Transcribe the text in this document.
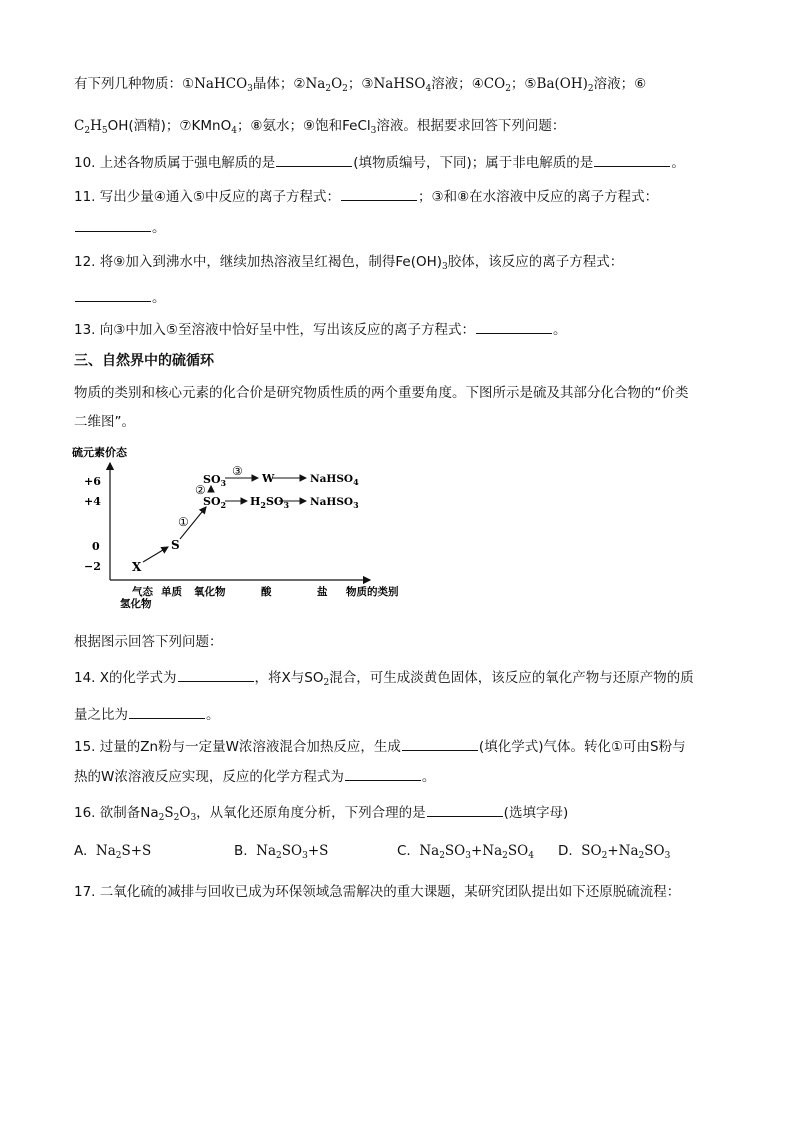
有下列几种物质：①NaHCO$_3$晶体；$②Na_2O_2$；③NaHSO$_4$溶液；$④CO_2$；$⑤Ba(OH)_2$溶液；⑥
$C_2H_5OH$(酒精)；⑦KMnO$_4$；⑧氨水；⑨饱和FeCl$_3$溶液。根据要求回答下列问题：
10. 上述各物质属于强电解质的是	(填物质编号，下同)；属于非电解质的是	。
11. 写出少量④通入⑤中反应的离子方程式：	；③和⑧在水溶液中反应的离子方程式：
。
12. 将⑨加入到沸水中，继续加热溶液呈红褐色，制得$Fe(OH)_3$胶体，该反应的离子方程式：
。
13. 向③中加入⑤至溶液中恰好呈中性，写出该反应的离子方程式：	。
三、自然界中的硫循环
物质的类别和核心元素的化合价是研究物质性质的两个重要角度。下图所示是硫及其部分化合物的“价类
二维图”。
硫元素价态
+6
+4
0
−2
气态
氢化物
单质 氧化物	酸	盐 物质的类别
X
S
$SO_3$
$SO_2$
W	NaHSO$_4$
$H_2SO_3$ NaHSO$_3$
①
②
③
根据图示回答下列问题：
14. X的化学式为	，将X与$SO_2$混合，可生成淡黄色固体，该反应的氧化产物与还原产物的质
量之比为	。
15. 过量的Zn粉与一定量W浓溶液混合加热反应，生成	(填化学式)气体。转化①可由S粉与
热的W浓溶液反应实现，反应的化学方程式为	。
16. 欲制备$Na_2S_2O_3$，从氧化还原角度分析，下列合理的是	(选填字母)
A. $Na_2S+S$	B. $Na_2SO_3+S$	C. $Na_2SO_3+Na_2SO_4$ D. $SO_2+Na_2SO_3$
17. 二氧化硫的减排与回收已成为环保领域急需解决的重大课题，某研究团队提出如下还原脱硫流程：
